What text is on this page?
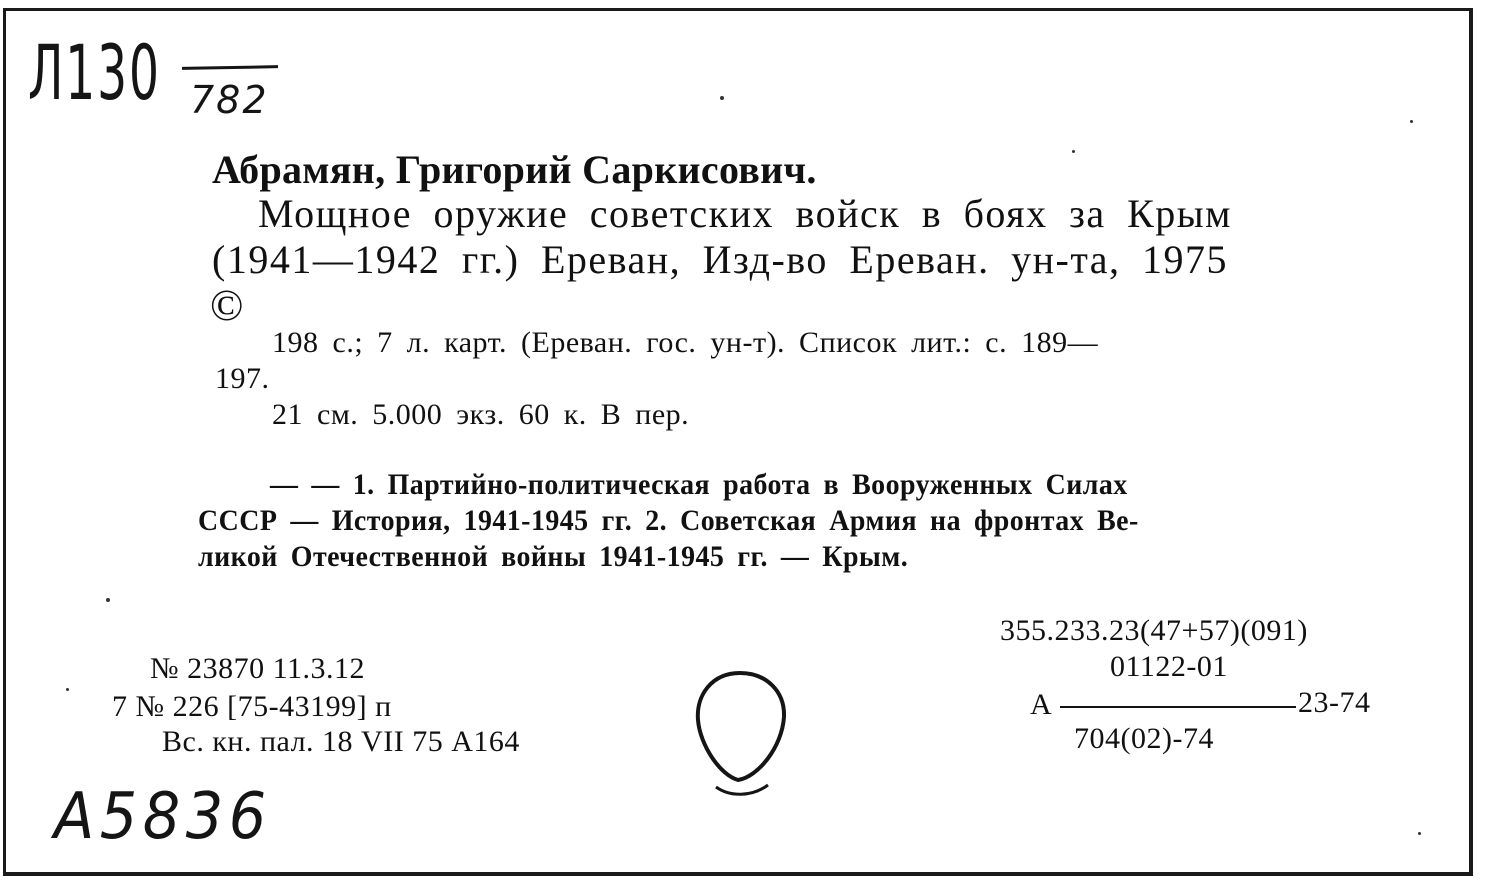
Л130 782
Абрамян, Григорий Саркисович.
Мощное оружие советских войск в боях за Крым
(1941—1942 гг.) Ереван, Изд-во Ереван. ун-та, 1975
©
198 с.; 7 л. карт. (Ереван. гос. ун-т). Список лит.: с. 189—
197.
21 см. 5.000 экз. 60 к. В пер.
— — 1. Партийно-политическая работа в Вооруженных Силах
СССР — История, 1941-1945 гг. 2. Советская Армия на фронтах Ве-
ликой Отечественной войны 1941-1945 гг. — Крым.
№ 23870 11.3.12
7 № 226 [75-43199] п
Вс. кн. пал. 18 VII 75 А164
355.233.23(47+57)(091)
01122-01
А	23-74
704(02)-74
А5836
